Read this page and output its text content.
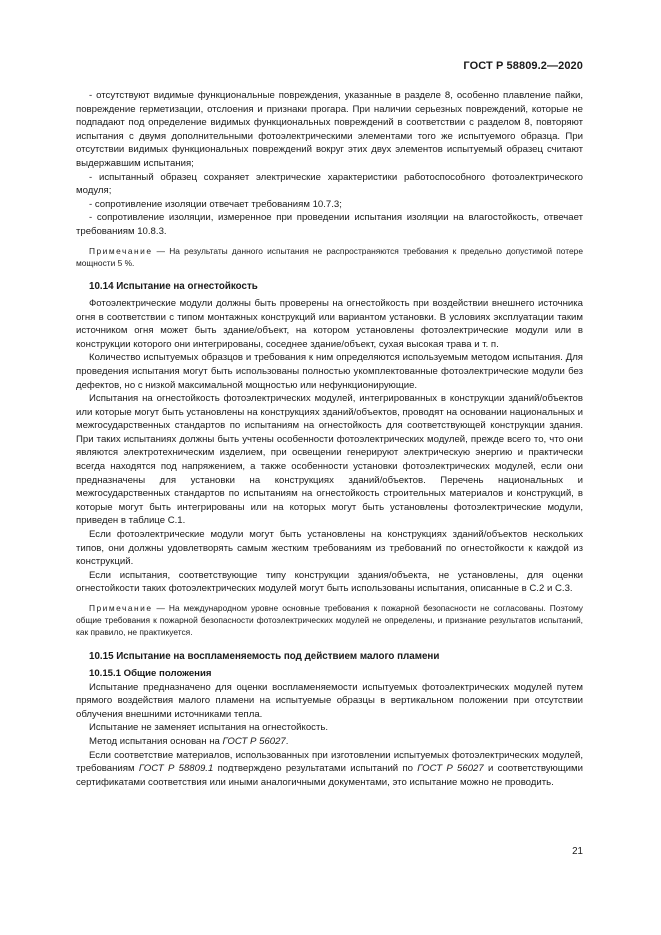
ГОСТ Р 58809.2—2020

- отсутствуют видимые функциональные повреждения, указанные в разделе 8, особенно плавление пайки, повреждение герметизации, отслоения и признаки прогара. При наличии серьезных повреждений, которые не подпадают под определение видимых функциональных повреждений в соответствии с разделом 8, повторяют испытания с двумя дополнительными фотоэлектрическими элементами того же испытуемого образца. При отсутствии видимых функциональных повреждений вокруг этих двух элементов испытуемый образец считают выдержавшим испытания;

- испытанный образец сохраняет электрические характеристики работоспособного фотоэлектрического модуля;

- сопротивление изоляции отвечает требованиям 10.7.3;

- сопротивление изоляции, измеренное при проведении испытания изоляции на влагостойкость, отвечает требованиям 10.8.3.

Примечание — На результаты данного испытания не распространяются требования к предельно допустимой потере мощности 5 %.

10.14 Испытание на огнестойкость

Фотоэлектрические модули должны быть проверены на огнестойкость при воздействии внешнего источника огня в соответствии с типом монтажных конструкций или вариантом установки. В условиях эксплуатации таким источником огня может быть здание/объект, на котором установлены фотоэлектрические модули или в конструкции которого они интегрированы, соседнее здание/объект, сухая высокая трава и т. п.

Количество испытуемых образцов и требования к ним определяются используемым методом испытания. Для проведения испытания могут быть использованы полностью укомплектованные фотоэлектрические модули без дефектов, но с низкой максимальной мощностью или нефункционирующие.

Испытания на огнестойкость фотоэлектрических модулей, интегрированных в конструкции зданий/объектов или которые могут быть установлены на конструкциях зданий/объектов, проводят на основании национальных и межгосударственных стандартов по испытаниям на огнестойкость для соответствующей конструкции здания. При таких испытаниях должны быть учтены особенности фотоэлектрических модулей, прежде всего то, что они являются электротехническим изделием, при освещении генерируют электрическую энергию и практически всегда находятся под напряжением, а также особенности установки фотоэлектрических модулей, если они предназначены для установки на конструкциях зданий/объектов. Перечень национальных и межгосударственных стандартов по испытаниям на огнестойкость строительных материалов и конструкций, в которые могут быть интегрированы или на которых могут быть установлены фотоэлектрические модули, приведен в таблице С.1.

Если фотоэлектрические модули могут быть установлены на конструкциях зданий/объектов нескольких типов, они должны удовлетворять самым жестким требованиям из требований по огнестойкости к каждой из конструкций.

Если испытания, соответствующие типу конструкции здания/объекта, не установлены, для оценки огнестойкости таких фотоэлектрических модулей могут быть использованы испытания, описанные в С.2 и С.3.

Примечание — На международном уровне основные требования к пожарной безопасности не согласованы. Поэтому общие требования к пожарной безопасности фотоэлектрических модулей не определены, и признание результатов испытаний, как правило, не практикуется.

10.15 Испытание на воспламеняемость под действием малого пламени

10.15.1 Общие положения

Испытание предназначено для оценки воспламеняемости испытуемых фотоэлектрических модулей путем прямого воздействия малого пламени на испытуемые образцы в вертикальном положении при отсутствии облучения внешними источниками тепла.

Испытание не заменяет испытания на огнестойкость.

Метод испытания основан на ГОСТ Р 56027.

Если соответствие материалов, использованных при изготовлении испытуемых фотоэлектрических модулей, требованиям ГОСТ Р 58809.1 подтверждено результатами испытаний по ГОСТ Р 56027 и соответствующими сертификатами соответствия или иными аналогичными документами, это испытание можно не проводить.

21
